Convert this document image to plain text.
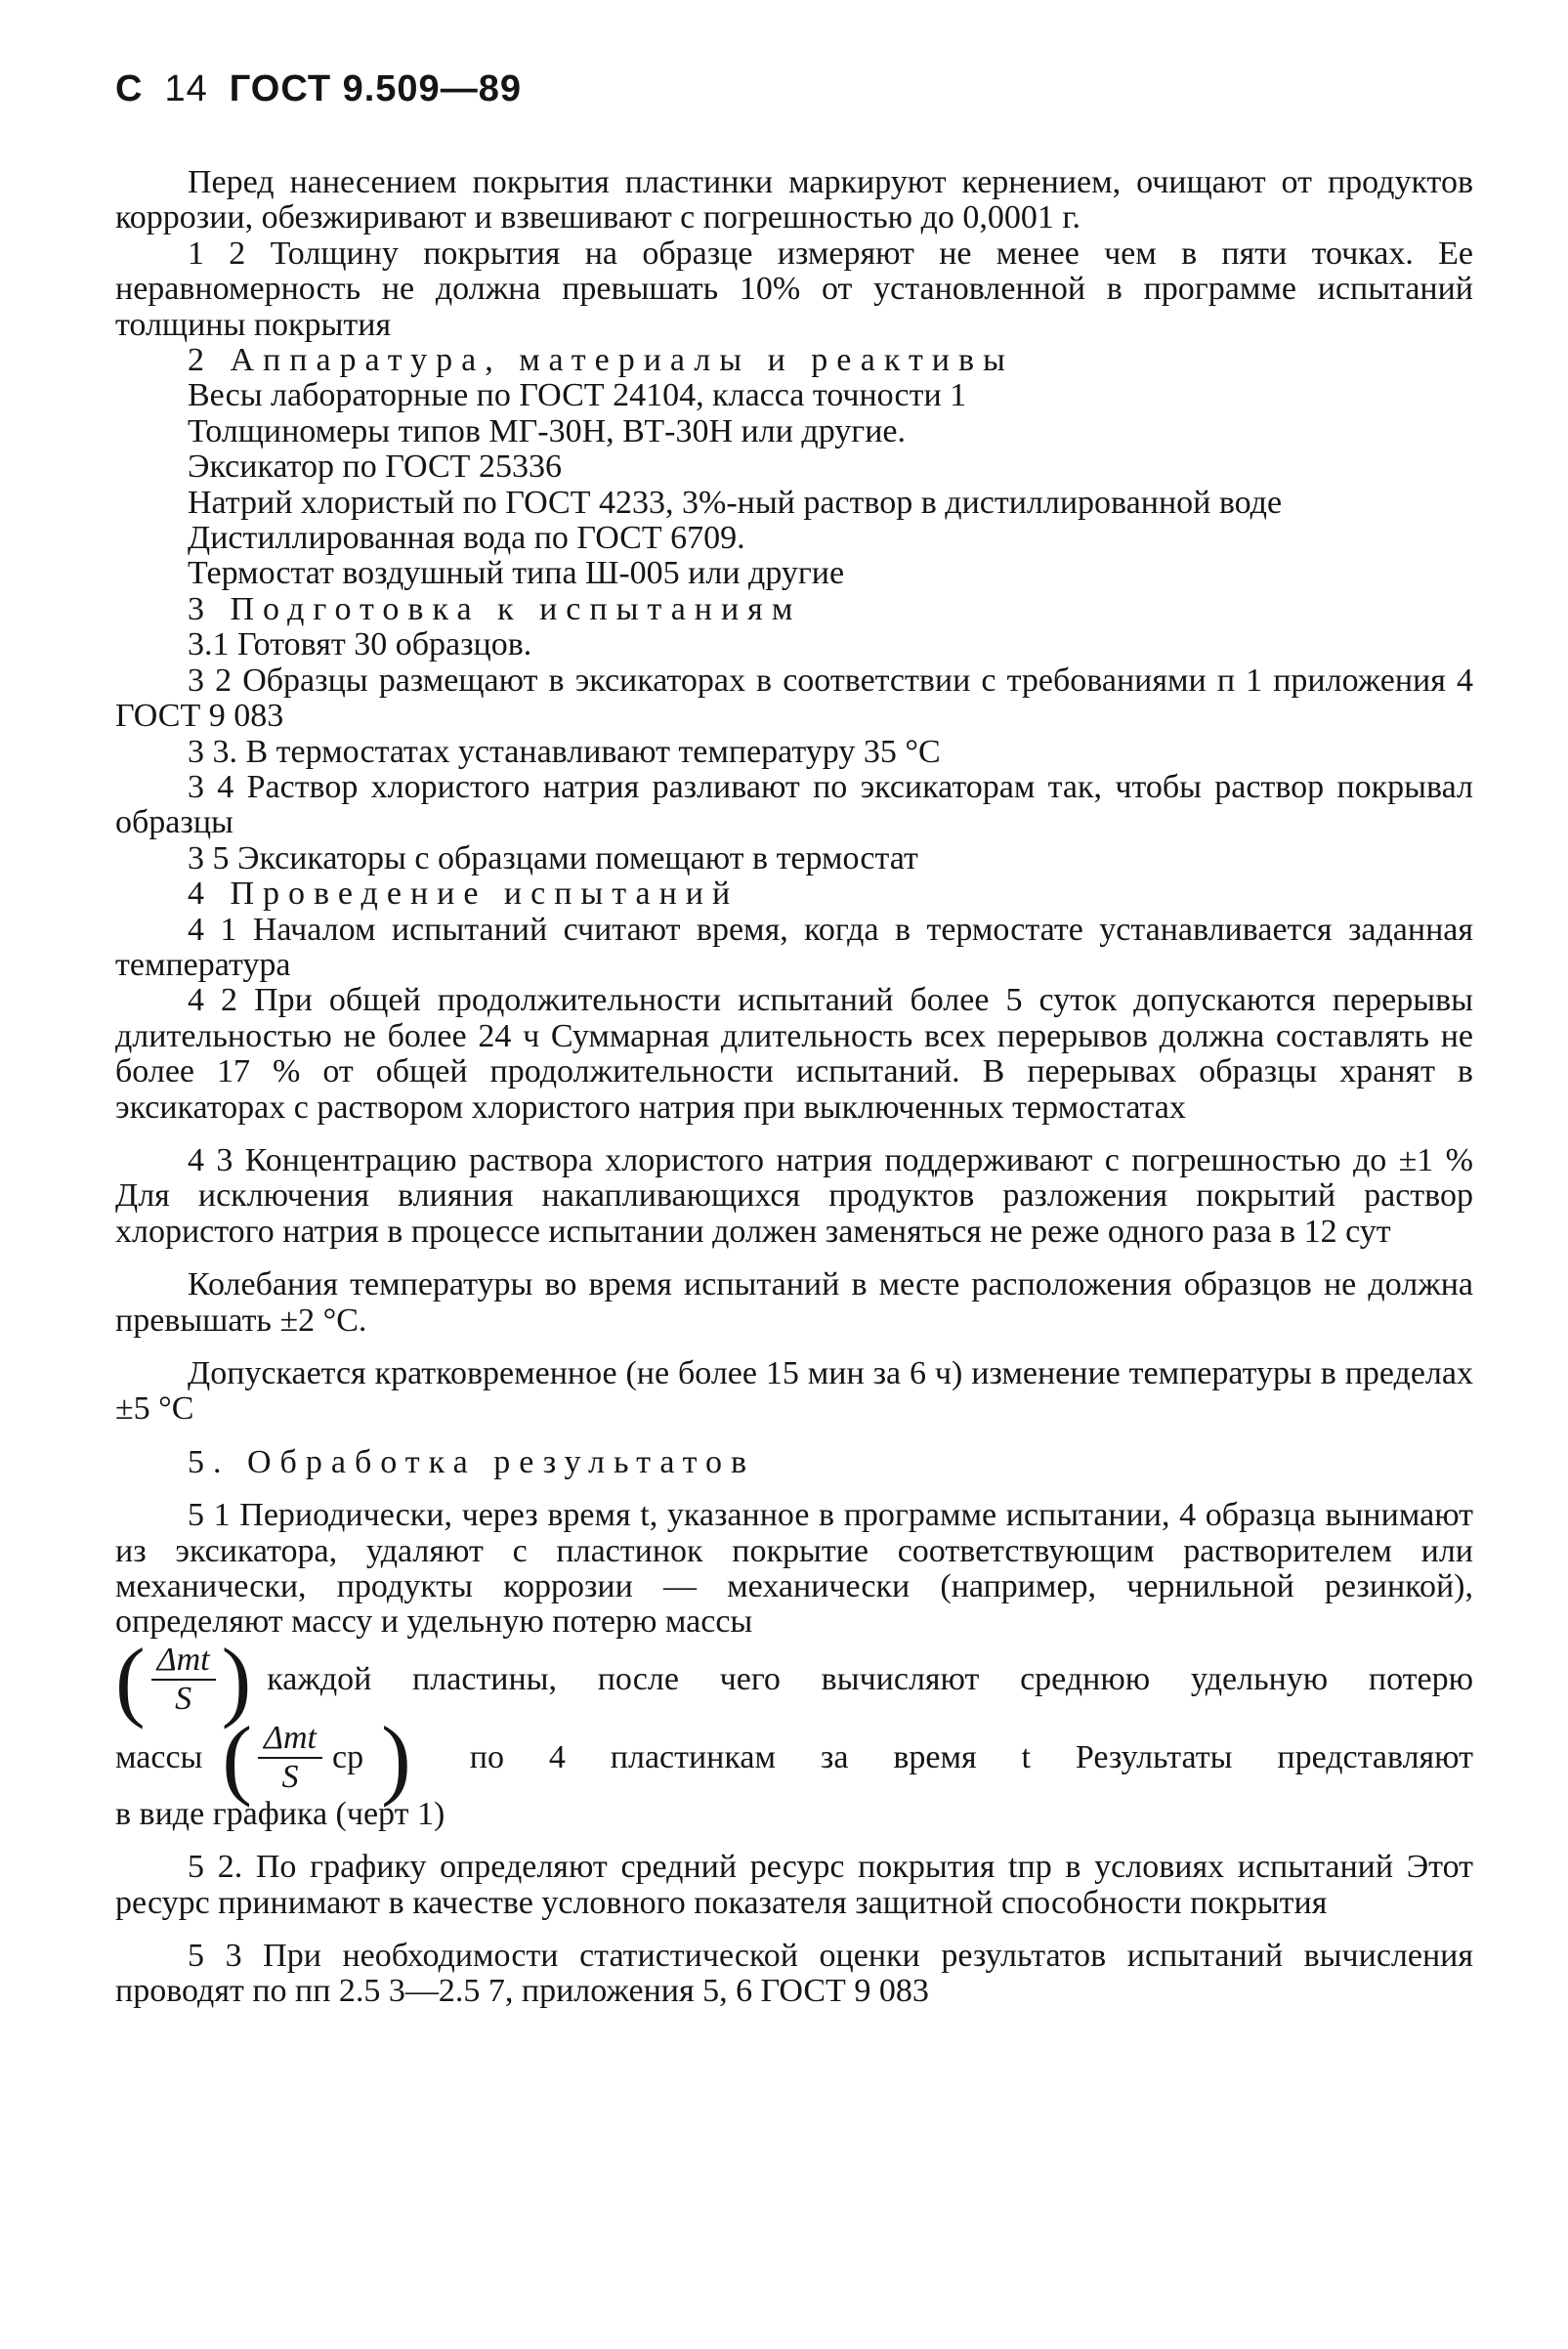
С 14 ГОСТ 9.509—89

Перед нанесением покрытия пластинки маркируют кернением, очищают от продуктов коррозии, обезжиривают и взвешивают с погрешностью до 0,0001 г.

1 2 Толщину покрытия на образце измеряют не менее чем в пяти точках. Ее неравномерность не должна превышать 10% от установленной в программе испытаний толщины покрытия

2 Аппаратура, материалы и реактивы

Весы лабораторные по ГОСТ 24104, класса точности 1

Толщиномеры типов МГ-30Н, ВТ-30Н или другие.

Эксикатор по ГОСТ 25336

Натрий хлористый по ГОСТ 4233, 3%-ный раствор в дистиллированной воде

Дистиллированная вода по ГОСТ 6709.

Термостат воздушный типа Ш-005 или другие

3 Подготовка к испытаниям

3.1 Готовят 30 образцов.

3 2 Образцы размещают в эксикаторах в соответствии с требованиями п 1 приложения 4 ГОСТ 9 083

3 3. В термостатах устанавливают температуру 35 °С

3 4 Раствор хлористого натрия разливают по эксикаторам так, чтобы раствор покрывал образцы

3 5 Эксикаторы с образцами помещают в термостат

4 Проведение испытаний

4 1 Началом испытаний считают время, когда в термостате устанавливается заданная температура

4 2 При общей продолжительности испытаний более 5 суток допускаются перерывы длительностью не более 24 ч Суммарная длительность всех перерывов должна составлять не более 17 % от общей продолжительности испытаний. В перерывах образцы хранят в эксикаторах с раствором хлористого натрия при выключенных термостатах

4 3 Концентрацию раствора хлористого натрия поддерживают с погрешностью до ±1 % Для исключения влияния накапливающихся продуктов разложения покрытий раствор хлористого натрия в процессе испытании должен заменяться не реже одного раза в 12 сут

Колебания температуры во время испытаний в месте расположения образцов не должна превышать ±2 °С.

Допускается кратковременное (не более 15 мин за 6 ч) изменение температуры в пределах ±5 °С

5. Обработка результатов

5 1 Периодически, через время t, указанное в программе испытании, 4 образца вынимают из эксикатора, удаляют с пластинок покрытие соответствующим растворителем или механически, продукты коррозии — механически (например, чернильной резинкой), определяют массу и удельную потерю массы

( $\frac{\text{Δmt}}{S}$ ) каждой пластины, после чего вычисляют среднюю удельную потерю
массы ( $\frac{\text{Δmt}}{S}$ ср ) по 4 пластинкам за время t Результаты представляют

в виде графика (черт 1)

5 2. По графику определяют средний ресурс покрытия tпр в условиях испытаний Этот ресурс принимают в качестве условного показателя защитной способности покрытия

5 3 При необходимости статистической оценки результатов испытаний вычисления проводят по пп 2.5 3—2.5 7, приложения 5, 6 ГОСТ 9 083
